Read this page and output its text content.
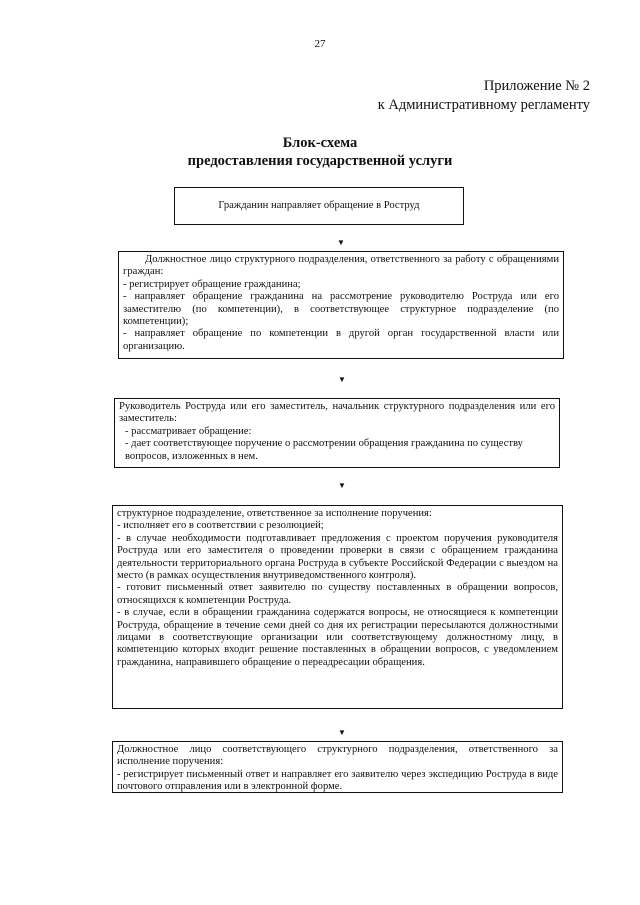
27
Приложение № 2
к Административному регламенту
Блок-схема
предоставления государственной услуги

Гражданин направляет обращение в Роструд

▼

Должностное лицо структурного подразделения, ответственного за работу с обращениями граждан:

- регистрирует обращение гражданина;

- направляет обращение гражданина на рассмотрение руководителю Роструда или его заместителю (по компетенции), в соответствующее структурное подразделение (по компетенции);

- направляет обращение по компетенции в другой орган государственной власти или организацию.

▼

Руководитель Роструда или его заместитель, начальник структурного подразделения или его заместитель:

- рассматривает обращение:

- дает соответствующее поручение о рассмотрении обращения гражданина по существу вопросов, изложенных в нем.

▼

структурное подразделение, ответственное за исполнение поручения:

- исполняет его в соответствии с резолюцией;

- в случае необходимости подготавливает предложения с проектом поручения руководителя Роструда или его заместителя о проведении проверки в связи с обращением гражданина деятельности территориального органа Роструда в субъекте Российской Федерации с выездом на место (в рамках осуществления внутриведомственного контроля).

- готовит письменный ответ заявителю по существу поставленных в обращении вопросов, относящихся к компетенции Роструда.

- в случае, если в обращении гражданина содержатся вопросы, не относящиеся к компетенции Роструда, обращение в течение семи дней со дня их регистрации пересылаются должностными лицами в соответствующие организации или соответствующему должностному лицу, в компетенцию которых входит решение поставленных в обращении вопросов, с уведомлением гражданина, направившего обращение о переадресации обращения.

▼

Должностное лицо соответствующего структурного подразделения, ответственного за исполнение поручения:

- регистрирует письменный ответ и направляет его заявителю через экспедицию Роструда в виде почтового отправления или в электронной форме.
